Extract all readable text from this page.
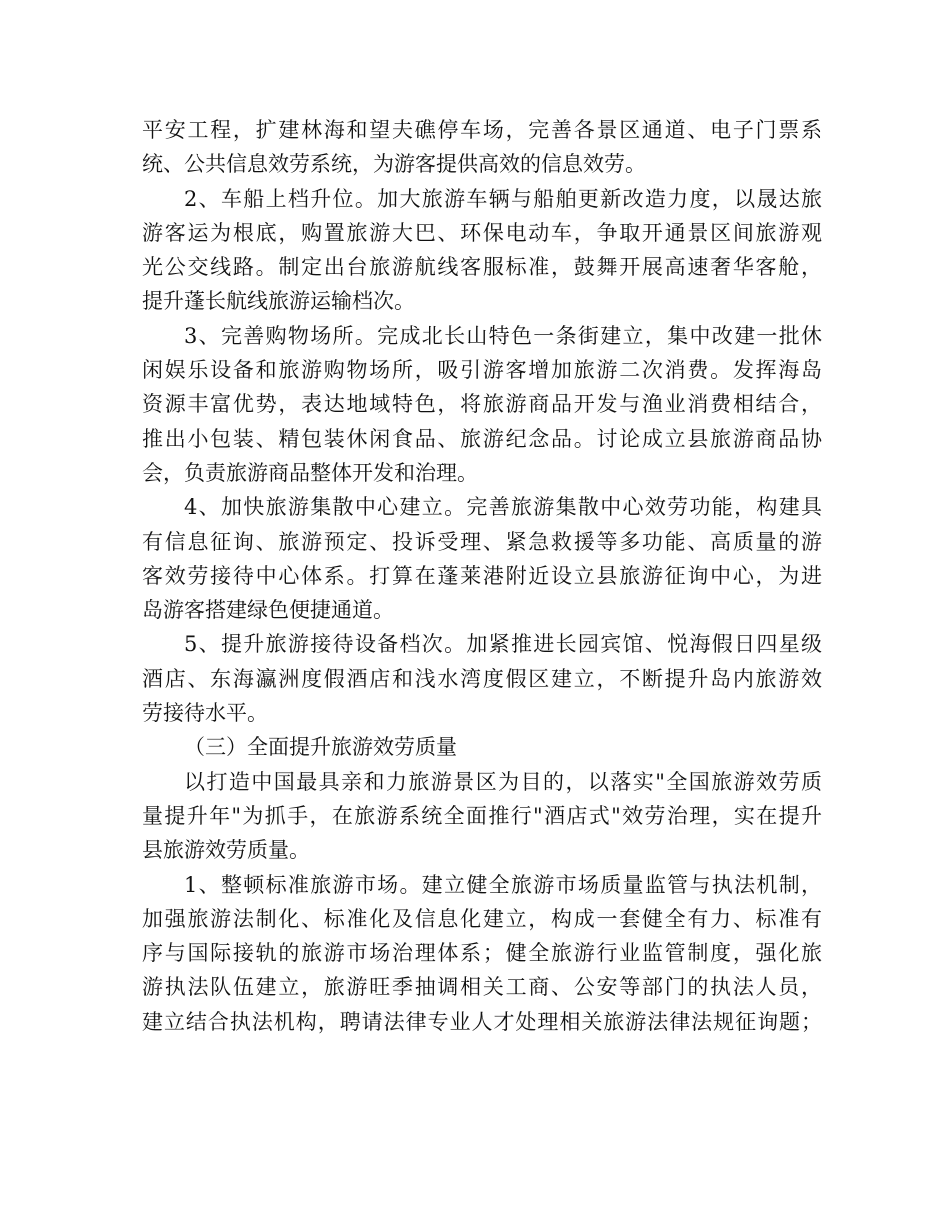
平安工程，扩建林海和望夫礁停车场，完善各景区通道、电子门票系
统、公共信息效劳系统，为游客提供高效的信息效劳。
2、车船上档升位。加大旅游车辆与船舶更新改造力度，以晟达旅
游客运为根底，购置旅游大巴、环保电动车，争取开通景区间旅游观
光公交线路。制定出台旅游航线客服标准，鼓舞开展高速奢华客舱，
提升蓬长航线旅游运输档次。
3、完善购物场所。完成北长山特色一条街建立，集中改建一批休
闲娱乐设备和旅游购物场所，吸引游客增加旅游二次消费。发挥海岛
资源丰富优势，表达地域特色，将旅游商品开发与渔业消费相结合，
推出小包装、精包装休闲食品、旅游纪念品。讨论成立县旅游商品协
会，负责旅游商品整体开发和治理。
4、加快旅游集散中心建立。完善旅游集散中心效劳功能，构建具
有信息征询、旅游预定、投诉受理、紧急救援等多功能、高质量的游
客效劳接待中心体系。打算在蓬莱港附近设立县旅游征询中心，为进
岛游客搭建绿色便捷通道。
5、提升旅游接待设备档次。加紧推进长园宾馆、悦海假日四星级
酒店、东海瀛洲度假酒店和浅水湾度假区建立，不断提升岛内旅游效
劳接待水平。
（三）全面提升旅游效劳质量
以打造中国最具亲和力旅游景区为目的，以落实"全国旅游效劳质
量提升年"为抓手，在旅游系统全面推行"酒店式"效劳治理，实在提升
县旅游效劳质量。
1、整顿标准旅游市场。建立健全旅游市场质量监管与执法机制，
加强旅游法制化、标准化及信息化建立，构成一套健全有力、标准有
序与国际接轨的旅游市场治理体系；健全旅游行业监管制度，强化旅
游执法队伍建立，旅游旺季抽调相关工商、公安等部门的执法人员，
建立结合执法机构，聘请法律专业人才处理相关旅游法律法规征询题；
